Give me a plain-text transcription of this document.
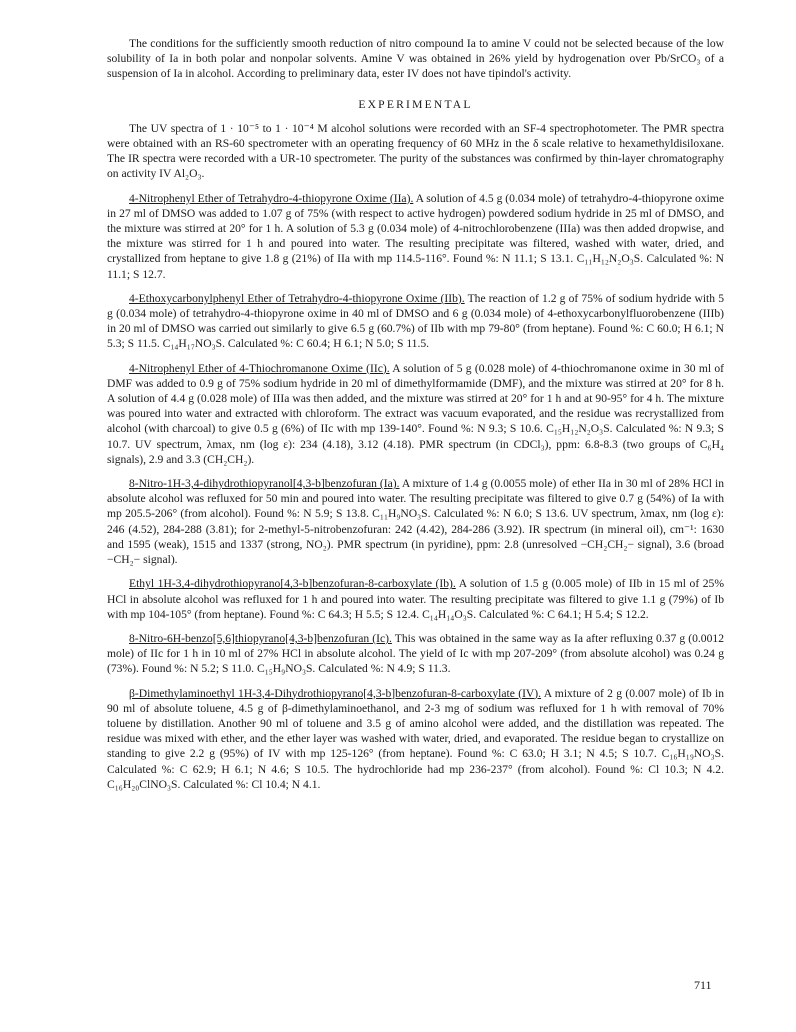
The conditions for the sufficiently smooth reduction of nitro compound Ia to amine V could not be selected because of the low solubility of Ia in both polar and nonpolar solvents. Amine V was obtained in 26% yield by hydrogenation over Pb/SrCO₃ of a suspension of Ia in alcohol. According to preliminary data, ester IV does not have tipindol's activity.

EXPERIMENTAL

The UV spectra of 1 · 10⁻⁵ to 1 · 10⁻⁴ M alcohol solutions were recorded with an SF-4 spectrophotometer. The PMR spectra were obtained with an RS-60 spectrometer with an operating frequency of 60 MHz in the δ scale relative to hexamethyldisiloxane. The IR spectra were recorded with a UR-10 spectrometer. The purity of the substances was confirmed by thin-layer chromatography on activity IV Al₂O₃.

4-Nitrophenyl Ether of Tetrahydro-4-thiopyrone Oxime (IIa). A solution of 4.5 g (0.034 mole) of tetrahydro-4-thiopyrone oxime in 27 ml of DMSO was added to 1.07 g of 75% (with respect to active hydrogen) powdered sodium hydride in 25 ml of DMSO, and the mixture was stirred at 20° for 1 h. A solution of 5.3 g (0.034 mole) of 4-nitrochlorobenzene (IIIa) was then added dropwise, and the mixture was stirred for 1 h and poured into water. The resulting precipitate was filtered, washed with water, dried, and crystallized from heptane to give 1.8 g (21%) of IIa with mp 114.5-116°. Found %: N 11.1; S 13.1. C₁₁H₁₂N₂O₃S. Calculated %: N 11.1; S 12.7.

4-Ethoxycarbonylphenyl Ether of Tetrahydro-4-thiopyrone Oxime (IIb). The reaction of 1.2 g of 75% of sodium hydride with 5 g (0.034 mole) of tetrahydro-4-thiopyrone oxime in 40 ml of DMSO and 6 g (0.034 mole) of 4-ethoxycarbonylfluorobenzene (IIIb) in 20 ml of DMSO was carried out similarly to give 6.5 g (60.7%) of IIb with mp 79-80° (from heptane). Found %: C 60.0; H 6.1; N 5.3; S 11.5. C₁₄H₁₇NO₃S. Calculated %: C 60.4; H 6.1; N 5.0; S 11.5.

4-Nitrophenyl Ether of 4-Thiochromanone Oxime (IIc). A solution of 5 g (0.028 mole) of 4-thiochromanone oxime in 30 ml of DMF was added to 0.9 g of 75% sodium hydride in 20 ml of dimethylformamide (DMF), and the mixture was stirred at 20° for 8 h. A solution of 4.4 g (0.028 mole) of IIIa was then added, and the mixture was stirred at 20° for 1 h and at 90-95° for 4 h. The mixture was poured into water and extracted with chloroform. The extract was vacuum evaporated, and the residue was recrystallized from alcohol (with charcoal) to give 0.5 g (6%) of IIc with mp 139-140°. Found %: N 9.3; S 10.6. C₁₅H₁₂N₂O₃S. Calculated %: N 9.3; S 10.7. UV spectrum, λmax, nm (log ε): 234 (4.18), 3.12 (4.18). PMR spectrum (in CDCl₃), ppm: 6.8-8.3 (two groups of C₆H₄ signals), 2.9 and 3.3 (CH₂CH₂).

8-Nitro-1H-3,4-dihydrothiopyranol[4,3-b]benzofuran (Ia). A mixture of 1.4 g (0.0055 mole) of ether IIa in 30 ml of 28% HCl in absolute alcohol was refluxed for 50 min and poured into water. The resulting precipitate was filtered to give 0.7 g (54%) of Ia with mp 205.5-206° (from alcohol). Found %: N 5.9; S 13.8. C₁₁H₉NO₃S. Calculated %: N 6.0; S 13.6. UV spectrum, λmax, nm (log ε): 246 (4.52), 284-288 (3.81); for 2-methyl-5-nitrobenzofuran: 242 (4.42), 284-286 (3.92). IR spectrum (in mineral oil), cm⁻¹: 1630 and 1595 (weak), 1515 and 1337 (strong, NO₂). PMR spectrum (in pyridine), ppm: 2.8 (unresolved −CH₂CH₂− signal), 3.6 (broad −CH₂− signal).

Ethyl 1H-3,4-dihydrothiopyrano[4,3-b]benzofuran-8-carboxylate (Ib). A solution of 1.5 g (0.005 mole) of IIb in 15 ml of 25% HCl in absolute alcohol was refluxed for 1 h and poured into water. The resulting precipitate was filtered to give 1.1 g (79%) of Ib with mp 104-105° (from heptane). Found %: C 64.3; H 5.5; S 12.4. C₁₄H₁₄O₃S. Calculated %: C 64.1; H 5.4; S 12.2.

8-Nitro-6H-benzo[5,6]thiopyrano[4,3-b]benzofuran (Ic). This was obtained in the same way as Ia after refluxing 0.37 g (0.0012 mole) of IIc for 1 h in 10 ml of 27% HCl in absolute alcohol. The yield of Ic with mp 207-209° (from absolute alcohol) was 0.24 g (73%). Found %: N 5.2; S 11.0. C₁₅H₉NO₃S. Calculated %: N 4.9; S 11.3.

β-Dimethylaminoethyl 1H-3,4-Dihydrothiopyrano[4,3-b]benzofuran-8-carboxylate (IV). A mixture of 2 g (0.007 mole) of Ib in 90 ml of absolute toluene, 4.5 g of β-dimethylaminoethanol, and 2-3 mg of sodium was refluxed for 1 h with removal of 70% toluene by distillation. Another 90 ml of toluene and 3.5 g of amino alcohol were added, and the distillation was repeated. The residue was mixed with ether, and the ether layer was washed with water, dried, and evaporated. The residue began to crystallize on standing to give 2.2 g (95%) of IV with mp 125-126° (from heptane). Found %: C 63.0; H 3.1; N 4.5; S 10.7. C₁₆H₁₉NO₃S. Calculated %: C 62.9; H 6.1; N 4.6; S 10.5. The hydrochloride had mp 236-237° (from alcohol). Found %: Cl 10.3; N 4.2. C₁₆H₂₀ClNO₃S. Calculated %: Cl 10.4; N 4.1.

711
